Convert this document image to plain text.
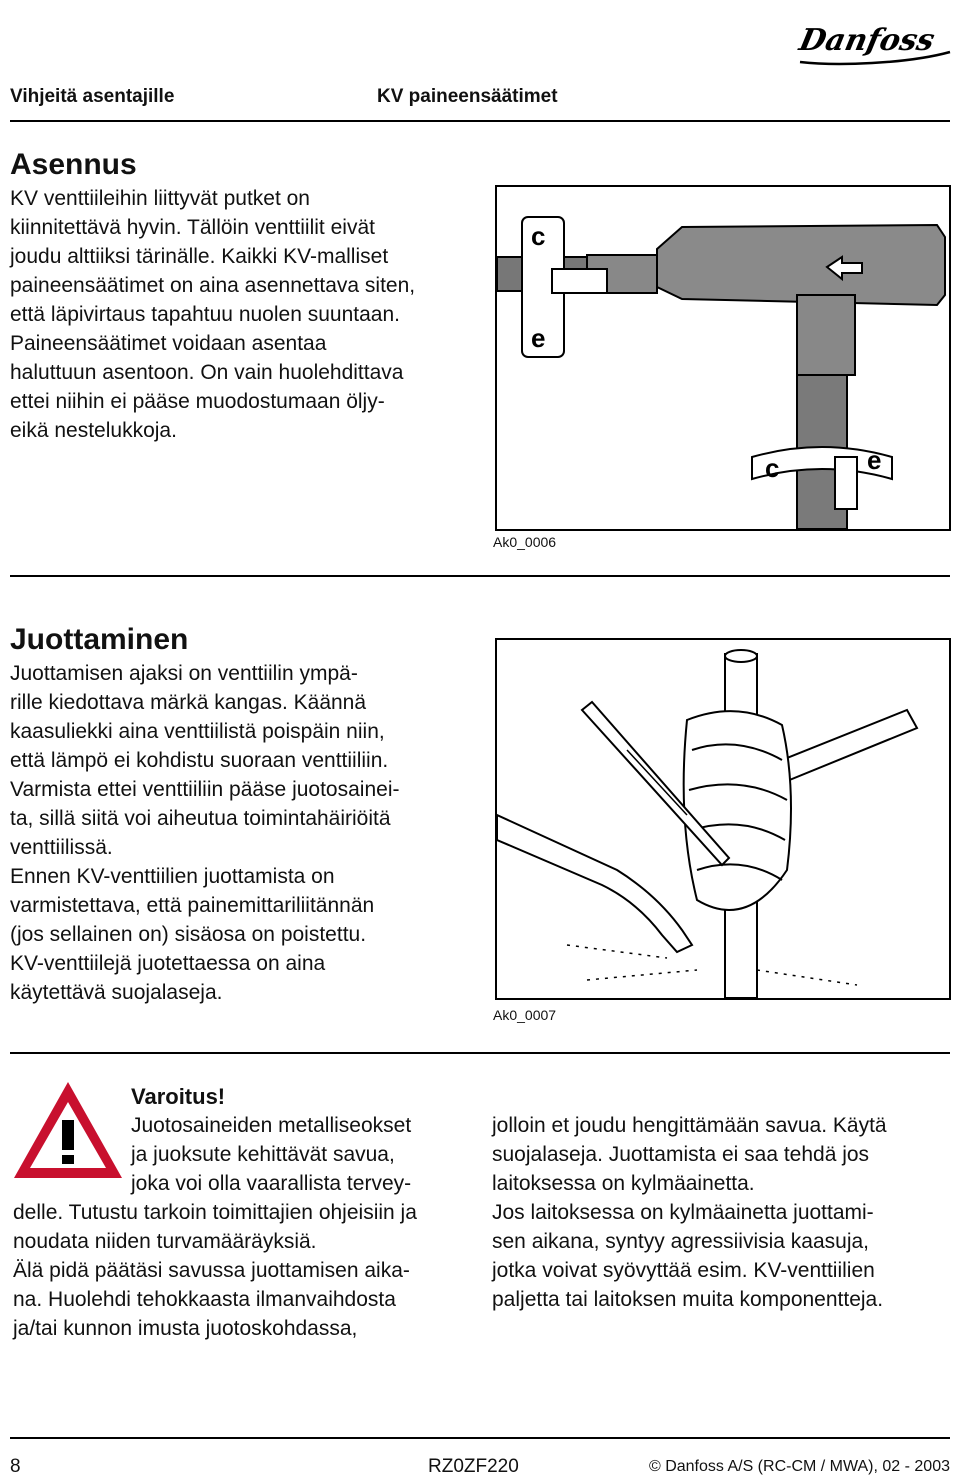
Vihjeitä asentajille	KV paineensäätimet
Danfoss
Asennus

KV venttiileihin liittyvät putket on

kiinnitettävä hyvin. Tällöin venttiilit eivät

joudu alttiiksi tärinälle. Kaikki KV-malliset

paineensäätimet on aina asennettava siten,

että läpivirtaus tapahtuu nuolen suuntaan.

Paineensäätimet voidaan asentaa

haluttuun asentoon. On vain huolehdittava

ettei niihin ei pääse muodostumaan öljy-

eikä nestelukkoja.

c
e
c	e
Ak0_0006
Juottaminen

Juottamisen ajaksi on venttiilin ympä-

rille kiedottava märkä kangas. Käännä

kaasuliekki aina venttiilistä poispäin niin,

että lämpö ei kohdistu suoraan venttiiliin.

Varmista ettei venttiiliin pääse juotosainei-

ta, sillä siitä voi aiheutua toimintahäiriöitä

venttiilissä.

Ennen KV-venttiilien juottamista on

varmistettava, että painemittariliitännän

(jos sellainen on) sisäosa on poistettu.

KV-venttiilejä juotettaessa on aina

käytettävä suojalaseja.

Ak0_0007
Varoitus!

Juotosaineiden metalliseokset

ja juoksute kehittävät savua,

joka voi olla vaarallista tervey-

delle. Tutustu tarkoin toimittajien ohjeisiin ja

noudata niiden turvamääräyksiä.

Älä pidä päätäsi savussa juottamisen aika-

na. Huolehdi tehokkaasta ilmanvaihdosta

ja/tai kunnon imusta juotoskohdassa,

jolloin et joudu hengittämään savua. Käytä

suojalaseja. Juottamista ei saa tehdä jos

laitoksessa on kylmäainetta.

Jos laitoksessa on kylmäainetta juottami-

sen aikana, syntyy agressiivisia kaasuja,

jotka voivat syövyttää esim. KV-venttiilien

paljetta tai laitoksen muita komponentteja.

8	RZ0ZF220	© Danfoss A/S (RC-CM / MWA), 02 - 2003
